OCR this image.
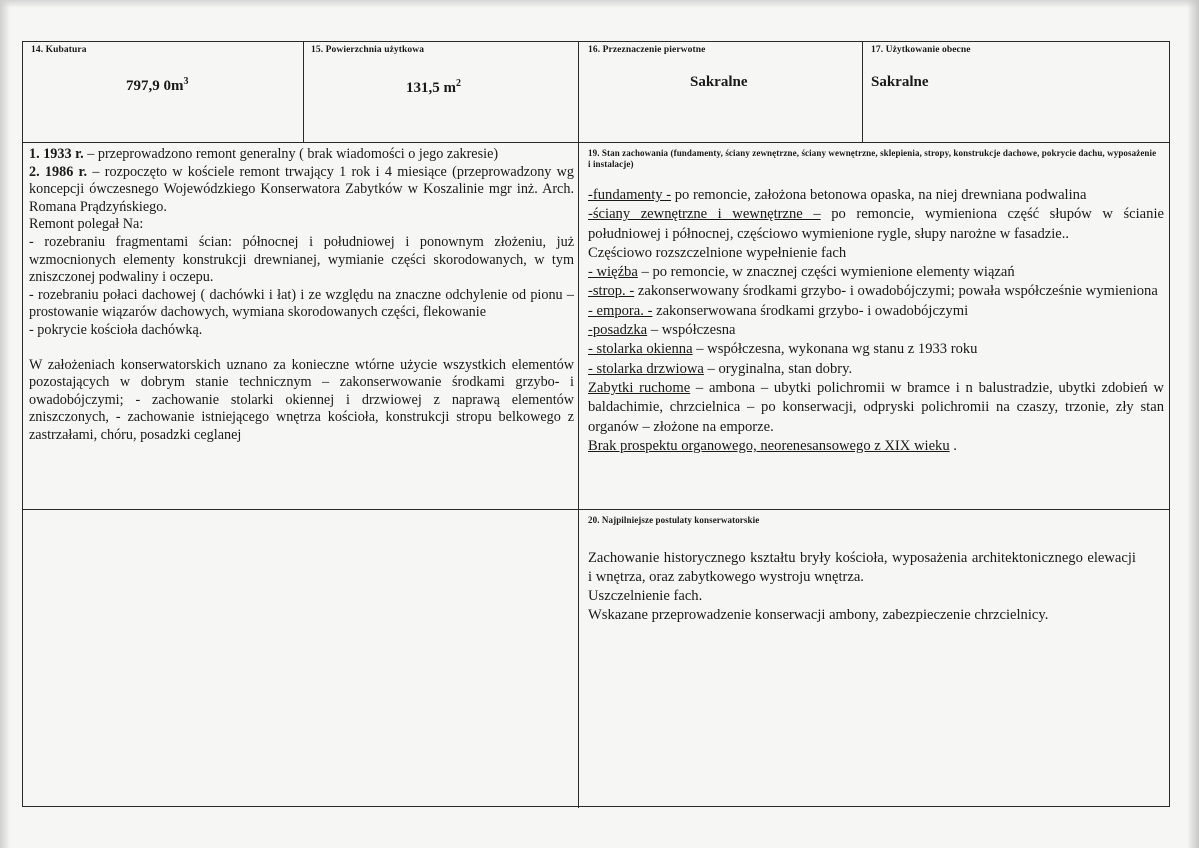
14. Kubatura
797,9 $0m^3$
15. Powierzchnia użytkowa
131,5 $m^2$
16. Przeznaczenie pierwotne
Sakralne
17. Użytkowanie obecne
Sakralne

1. 1933 r. – przeprowadzono remont generalny ( brak wiadomości o jego zakresie)

2. 1986 r. – rozpoczęto w kościele remont trwający 1 rok i 4 miesiące (przeprowadzony wg koncepcji ówczesnego Wojewódzkiego Konserwatora Zabytków w Koszalinie mgr inż. Arch. Romana Prądzyńskiego.

Remont polegał Na:

- rozebraniu fragmentami ścian: północnej i południowej i ponownym złożeniu, już wzmocnionych elementy konstrukcji drewnianej, wymianie części skorodowanych, w tym zniszczonej podwaliny i oczepu.

- rozebraniu połaci dachowej ( dachówki i łat) i ze względu na znaczne odchylenie od pionu – prostowanie wiązarów dachowych, wymiana skorodowanych części, flekowanie

- pokrycie kościoła dachówką.

W założeniach konserwatorskich uznano za konieczne wtórne użycie wszystkich elementów pozostających w dobrym stanie technicznym – zakonserwowanie środkami grzybo- i owadobójczymi; - zachowanie stolarki okiennej i drzwiowej z naprawą elementów zniszczonych, - zachowanie istniejącego wnętrza kościoła, konstrukcji stropu belkowego z zastrzałami, chóru, posadzki ceglanej

19. Stan zachowania (fundamenty, ściany zewnętrzne, ściany wewnętrzne, sklepienia, stropy, konstrukcje dachowe, pokrycie dachu, wyposażenie i instalacje)

-fundamenty - po remoncie, założona betonowa opaska, na niej drewniana podwalina

-ściany zewnętrzne i wewnętrzne – po remoncie, wymieniona część słupów w ścianie południowej i północnej, częściowo wymienione rygle, słupy narożne w fasadzie..

Częściowo rozszczelnione wypełnienie fach

- więźba – po remoncie, w znacznej części wymienione elementy wiązań

-strop. - zakonserwowany środkami grzybo- i owadobójczymi; powała współcześnie wymieniona

- empora. - zakonserwowana środkami grzybo- i owadobójczymi

-posadzka – współczesna

- stolarka okienna – współczesna, wykonana wg stanu z 1933 roku

- stolarka drzwiowa – oryginalna, stan dobry.

Zabytki ruchome – ambona – ubytki polichromii w bramce i n balustradzie, ubytki zdobień w baldachimie, chrzcielnica – po konserwacji, odpryski polichromii na czaszy, trzonie, zły stan organów – złożone na emporze.

Brak prospektu organowego, neorenesansowego z XIX wieku .

20. Najpilniejsze postulaty konserwatorskie

Zachowanie historycznego kształtu bryły kościoła, wyposażenia architektonicznego elewacji i wnętrza, oraz zabytkowego wystroju wnętrza.

Uszczelnienie fach.

Wskazane przeprowadzenie konserwacji ambony, zabezpieczenie chrzcielnicy.
